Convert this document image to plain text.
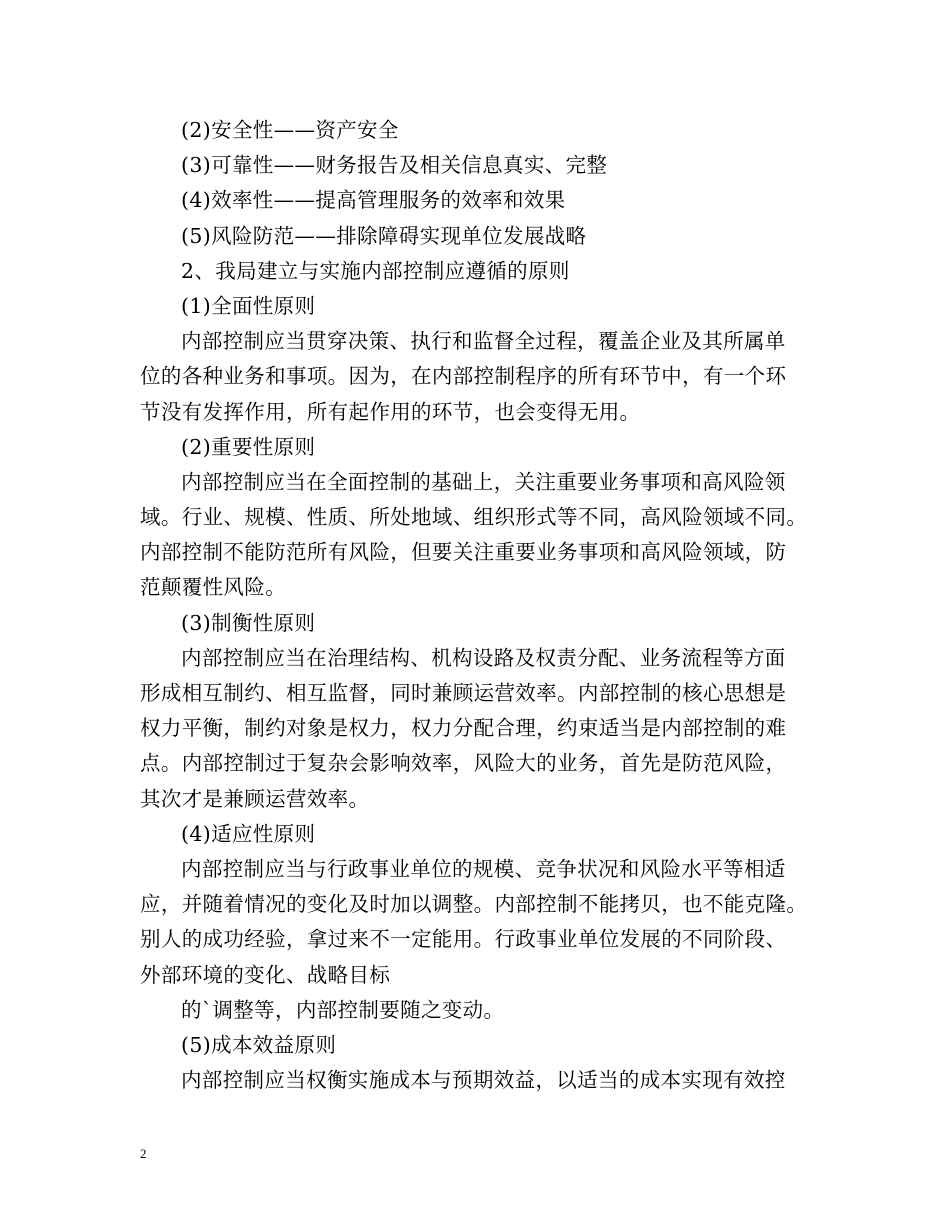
(2)安全性——资产安全
(3)可靠性——财务报告及相关信息真实、完整
(4)效率性——提高管理服务的效率和效果
(5)风险防范——排除障碍实现单位发展战略
2、我局建立与实施内部控制应遵循的原则
(1)全面性原则
内部控制应当贯穿决策、执行和监督全过程，覆盖企业及其所属单
位的各种业务和事项。因为，在内部控制程序的所有环节中，有一个环
节没有发挥作用，所有起作用的环节，也会变得无用。
(2)重要性原则
内部控制应当在全面控制的基础上，关注重要业务事项和高风险领
域。行业、规模、性质、所处地域、组织形式等不同，高风险领域不同。
内部控制不能防范所有风险，但要关注重要业务事项和高风险领域，防
范颠覆性风险。
(3)制衡性原则
内部控制应当在治理结构、机构设路及权责分配、业务流程等方面
形成相互制约、相互监督，同时兼顾运营效率。内部控制的核心思想是
权力平衡，制约对象是权力，权力分配合理，约束适当是内部控制的难
点。内部控制过于复杂会影响效率，风险大的业务，首先是防范风险，
其次才是兼顾运营效率。
(4)适应性原则
内部控制应当与行政事业单位的规模、竞争状况和风险水平等相适
应，并随着情况的变化及时加以调整。内部控制不能拷贝，也不能克隆。
别人的成功经验，拿过来不一定能用。行政事业单位发展的不同阶段、
外部环境的变化、战略目标
的`调整等，内部控制要随之变动。
(5)成本效益原则
内部控制应当权衡实施成本与预期效益，以适当的成本实现有效控
2
